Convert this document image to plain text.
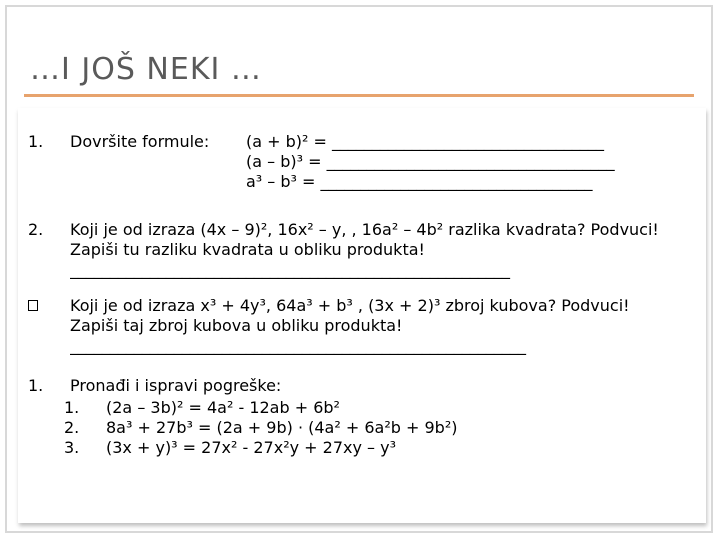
…I JOŠ NEKI …
1.	Dovršite formule: (a + b)² = __________________________________
(a – b)³ = ____________________________________
a³ – b³ = __________________________________
2.	Koji je od izraza (4x – 9)², 16x² – y, , 16a² – 4b² razlika kvadrata? Podvuci!
Zapiši tu razliku kvadrata u obliku produkta!
_______________________________________________________
Koji je od izraza x³ + 4y³, 64a³ + b³ , (3x + 2)³ zbroj kubova? Podvuci!
Zapiši taj zbroj kubova u obliku produkta!
_________________________________________________________
1.	Pronađi i ispravi pogreške:
1.	(2a – 3b)² = 4a² - 12ab + 6b²
2.	8a³ + 27b³ = (2a + 9b) · (4a² + 6a²b + 9b²)
3.	(3x + y)³ = 27x² - 27x²y + 27xy – y³
